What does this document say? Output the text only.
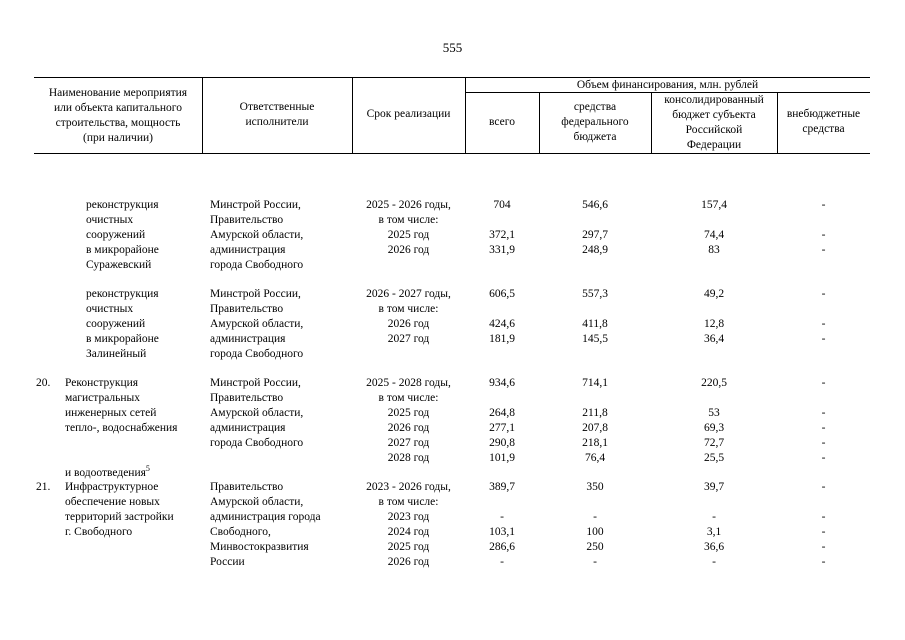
555
Наименование мероприятия
или объекта капитального
строительства, мощность
(при наличии)
Ответственные
исполнители
Срок реализации
Объем финансирования, млн. рублей
всего
средства
федерального
бюджета
консолидированный
бюджет субъекта
Российской
Федерации
внебюджетные
средства

реконструкция
очистных
сооружений
в микрорайоне
Суражевский

Минстрой России,
Правительство
Амурской области,
администрация
города Свободного

2025 - 2026 годы,
в том числе:
2025 год
2026 год

704
372,1
331,9

546,6
297,7
248,9

157,4
74,4
83

-
-
-

реконструкция
очистных
сооружений
в микрорайоне
Залинейный

Минстрой России,
Правительство
Амурской области,
администрация
города Свободного

2026 - 2027 годы,
в том числе:
2026 год
2027 год

606,5
424,6
181,9

557,3
411,8
145,5

49,2
12,8
36,4

-
-
-

20.

Реконструкция
магистральных
инженерных сетей
тепло-, водоснабжения

и водоотведения$^5$

Минстрой России,
Правительство
Амурской области,
администрация
города Свободного

2025 - 2028 годы,
в том числе:
2025 год
2026 год
2027 год
2028 год

934,6
264,8
277,1
290,8
101,9

714,1
211,8
207,8
218,1
76,4

220,5
53
69,3
72,7
25,5

-
-
-
-
-

21.

Инфраструктурное
обеспечение новых
территорий застройки
г. Свободного

Правительство
Амурской области,
администрация города
Свободного,
Минвостокразвития
России

2023 - 2026 годы,
в том числе:
2023 год
2024 год
2025 год
2026 год

389,7
-
103,1
286,6
-

350
-
100
250
-

39,7
-
3,1
36,6
-

-
-
-
-
-
